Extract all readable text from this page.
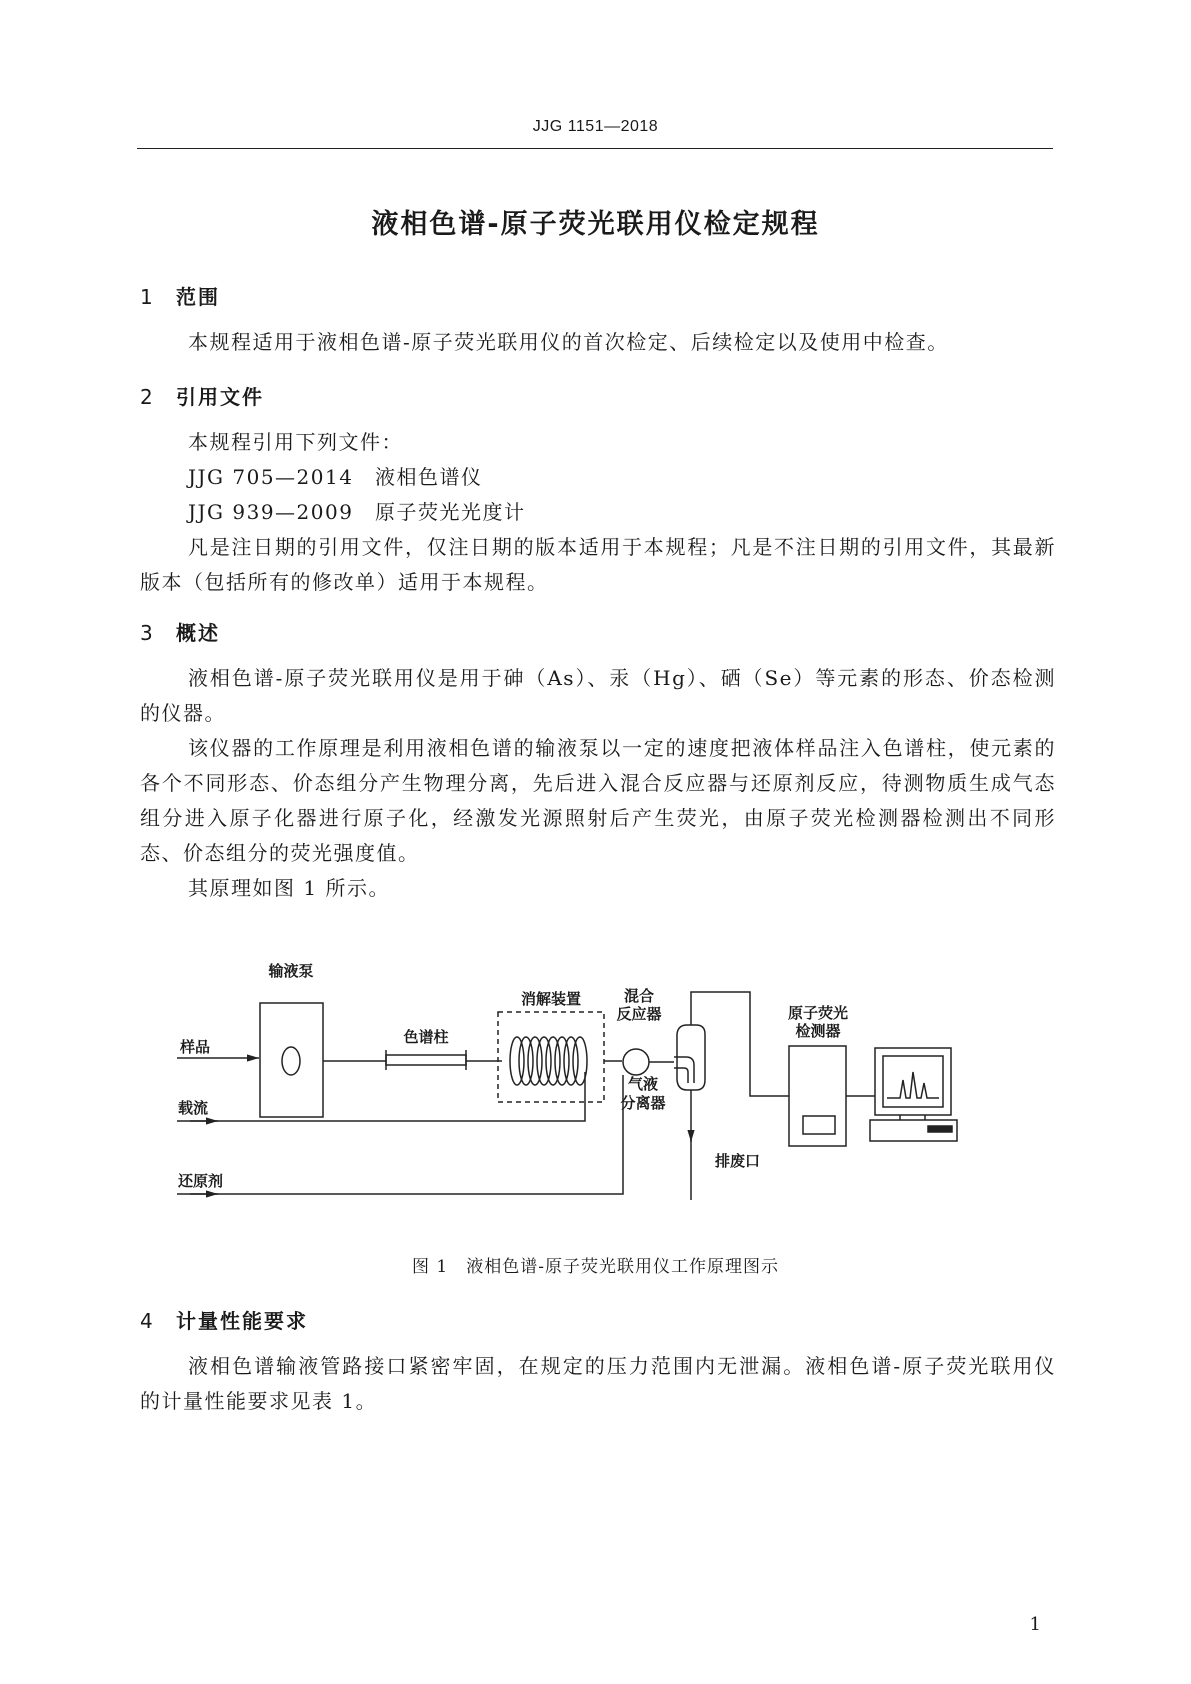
JJG 1151—2018
液相色谱-原子荧光联用仪检定规程
1 范围

本规程适用于液相色谱-原子荧光联用仪的首次检定、后续检定以及使用中检查。

2 引用文件

本规程引用下列文件：

JJG 705—2014　 液相色谱仪
JJG 939—2009　 原子荧光光度计

凡是注日期的引用文件，仅注日期的版本适用于本规程；凡是不注日期的引用文件，其最新版本（包括所有的修改单）适用于本规程。

3 概述

液相色谱-原子荧光联用仪是用于砷（As）、汞（Hg）、硒（Se）等元素的形态、价态检测的仪器。

该仪器的工作原理是利用液相色谱的输液泵以一定的速度把液体样品注入色谱柱，使元素的各个不同形态、价态组分产生物理分离，先后进入混合反应器与还原剂反应，待测物质生成气态组分进入原子化器进行原子化，经激发光源照射后产生荧光，由原子荧光检测器检测出不同形态、价态组分的荧光强度值。

其原理如图 1 所示。

输液泵
样品
色谱柱
消解装置	混合
反应器
载流
气液
分离器
原子荧光
检测器
排废口
还原剂
图 1　液相色谱-原子荧光联用仪工作原理图示
4 计量性能要求

液相色谱输液管路接口紧密牢固，在规定的压力范围内无泄漏。液相色谱-原子荧光联用仪的计量性能要求见表 1。

1
